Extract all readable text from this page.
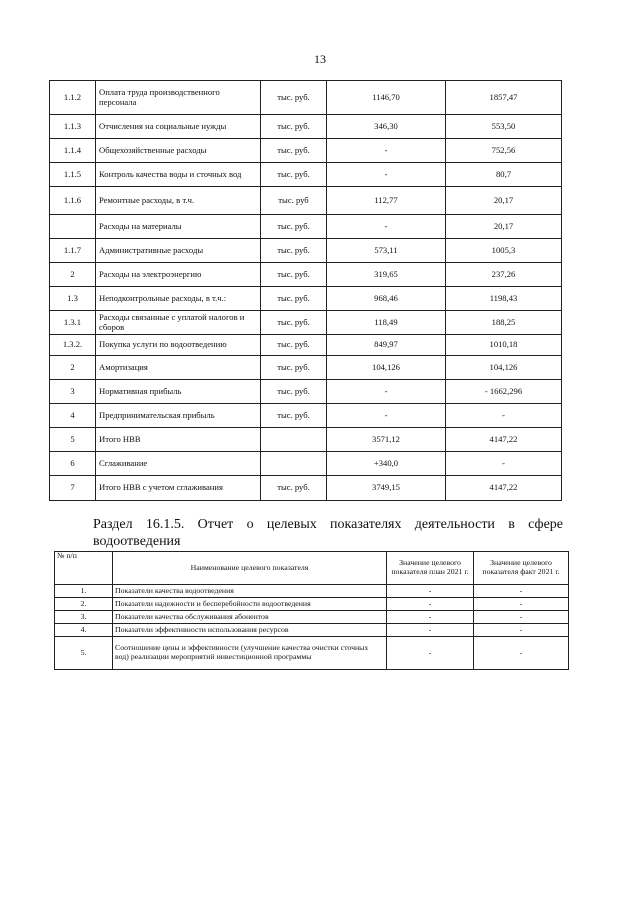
13
1.1.2	Оплата труда производственного персонала	тыс. руб.	1146,70	1857,47
1.1.3	Отчисления на социальные нужды	тыс. руб.	346,30	553,50
1.1.4	Общехозяйственные расходы	тыс. руб.	-	752,56
1.1.5	Контроль качества воды и сточных вод	тыс. руб.	-	80,7
1.1.6	Ремонтные расходы, в т.ч.	тыс. руб	112,77	20,17
	Расходы на материалы	тыс. руб.	-	20,17
1.1.7	Административные расходы	тыс. руб.	573,11	1005,3
2	Расходы на электроэнергию	тыс. руб.	319,65	237,26
1.3	Неподконтрольные расходы, в т.ч.:	тыс. руб.	968,46	1198,43
1.3.1	Расходы связанные с уплатой налогов и сборов	тыс. руб.	118,49	188,25
1.3.2.	Покупка услуги по водоотведению	тыс. руб.	849,97	1010,18
2	Амортизация	тыс. руб.	104,126	104,126
3	Нормативная прибыль	тыс. руб.	-	- 1662,296
4	Предпринимательская прибыль	тыс. руб.	-	-
5	Итого НВВ		3571,12	4147,22
6	Сглаживание		+340,0	-
7	Итого НВВ с учетом сглаживания	тыс. руб.	3749,15	4147,22
Раздел 16.1.5. Отчет о целевых показателях деятельности в сфере
водоотведения
№ п/п	Наименование целевого показателя	Значение целевого показателя план 2021 г.	Значение целевого показателя факт 2021 г.
1.	Показатели качества водоотведения	-	-
2.	Показатели надежности и бесперебойности водоотведения	-	-
3.	Показатели качества обслуживания абонентов	-	-
4.	Показатели эффективности использования ресурсов	-	-
5.	Соотношение цены и эффективности (улучшение качества очистки сточных вод) реализации мероприятий инвестиционной программы	-	-
